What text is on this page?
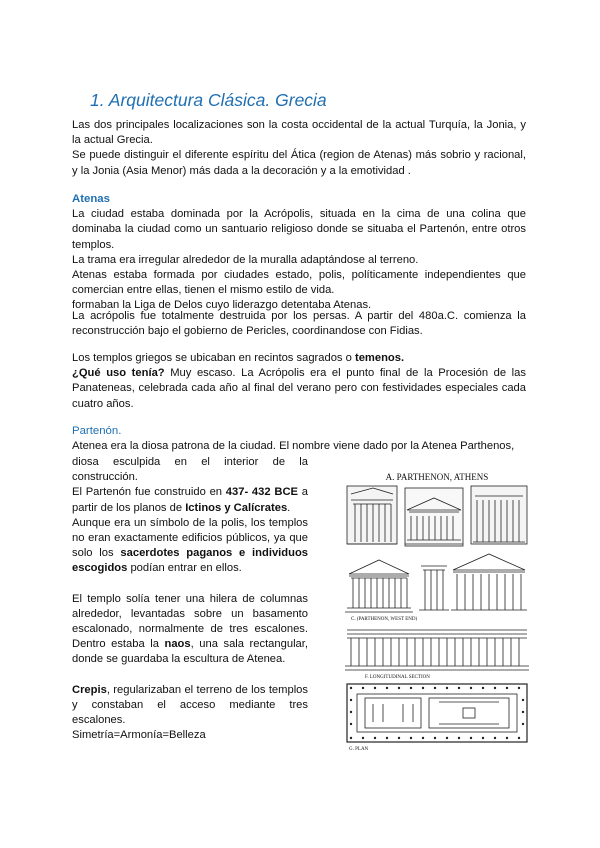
1. Arquitectura Clásica. Grecia

Las dos principales localizaciones son la costa occidental de la actual Turquía, la Jonia, y la actual Grecia.

Se puede distinguir el diferente espíritu del Ática (region de Atenas) más sobrio y racional, y la Jonia (Asia Menor) más dada a la decoración y a la emotividad .

Atenas

La ciudad estaba dominada por la Acrópolis, situada en la cima de una colina que dominaba la ciudad como un santuario religioso donde se situaba el Partenón, entre otros templos.

La trama era irregular alrededor de la muralla adaptándose al terreno.

Atenas estaba formada por ciudades estado, polis, políticamente independientes que comercian entre ellas, tienen el mismo estilo de vida.

formaban la Liga de Delos cuyo liderazgo detentaba Atenas.

La acrópolis fue totalmente destruida por los persas. A partir del 480a.C. comienza la reconstrucción bajo el gobierno de Pericles, coordinandose con Fidias.

Los templos griegos se ubicaban en recintos sagrados o temenos.

¿Qué uso tenía? Muy escaso. La Acrópolis era el punto final de la Procesión de las Panateneas, celebrada cada año al final del verano pero con festividades especiales cada cuatro años.

Partenón.

Atenea era la diosa patrona de la ciudad. El nombre viene dado por la Atenea Parthenos,

diosa esculpida en el interior de la construcción.

El Partenón fue construido en 437- 432 BCE a partir de los planos de Ictinos y Calícrates.

Aunque era un símbolo de la polis, los templos no eran exactamente edificios públicos, ya que solo los sacerdotes paganos e individuos escogidos podían entrar en ellos.

El templo solía tener una hilera de columnas alrededor, levantadas sobre un basamento escalonado, normalmente de tres escalones. Dentro estaba la naos, una sala rectangular, donde se guardaba la escultura de Atenea.

Crepis, regularizaban el terreno de los templos y constaban el acceso mediante tres escalones.

Simetría=Armonía=Belleza

A. PARTHENON, ATHENS
C. (PARTHENON, WEST END)
F. LONGITUDINAL SECTION
G. PLAN
